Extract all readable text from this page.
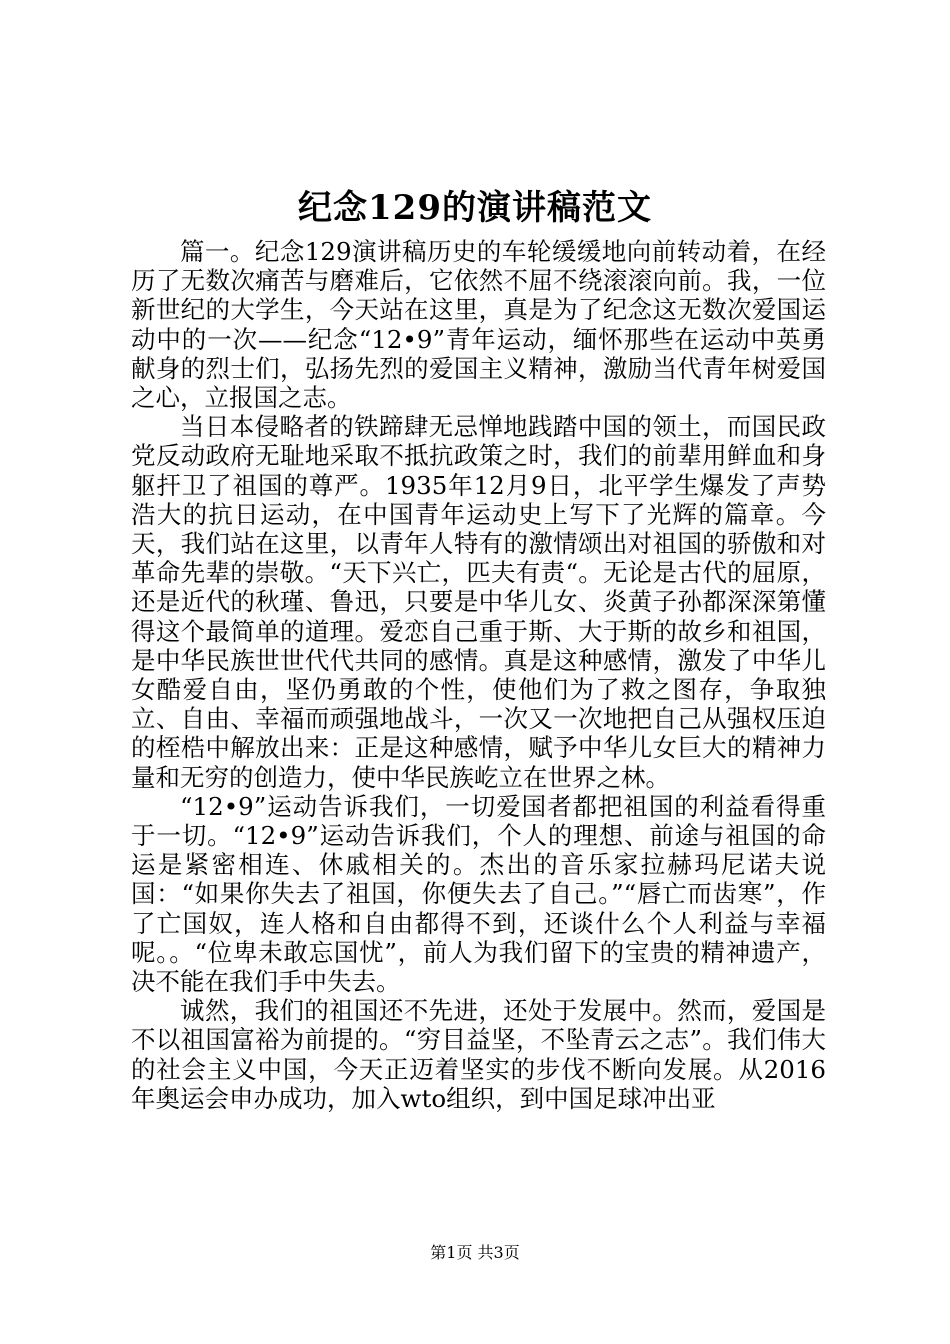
纪念129的演讲稿范文

篇一。纪念129演讲稿历史的车轮缓缓地向前转动着，在经历了无数次痛苦与磨难后，它依然不屈不绕滚滚向前。我，一位新世纪的大学生，今天站在这里，真是为了纪念这无数次爱国运动中的一次——纪念“12•9”青年运动，缅怀那些在运动中英勇献身的烈士们，弘扬先烈的爱国主义精神，激励当代青年树爱国之心，立报国之志。

当日本侵略者的铁蹄肆无忌惮地践踏中国的领土，而国民政党反动政府无耻地采取不抵抗政策之时，我们的前辈用鲜血和身躯扞卫了祖国的尊严。1935年12月9日，北平学生爆发了声势浩大的抗日运动，在中国青年运动史上写下了光辉的篇章。今天，我们站在这里，以青年人特有的激情颂出对祖国的骄傲和对革命先辈的崇敬。“天下兴亡，匹夫有责“。无论是古代的屈原，还是近代的秋瑾、鲁迅，只要是中华儿女、炎黄子孙都深深第懂得这个最简单的道理。爱恋自己重于斯、大于斯的故乡和祖国，是中华民族世世代代共同的感情。真是这种感情，激发了中华儿女酷爱自由，坚仍勇敢的个性，使他们为了救之图存，争取独立、自由、幸福而顽强地战斗，一次又一次地把自己从强权压迫的桎梏中解放出来：正是这种感情，赋予中华儿女巨大的精神力量和无穷的创造力，使中华民族屹立在世界之林。

“12•9”运动告诉我们，一切爱国者都把祖国的利益看得重于一切。“12•9”运动告诉我们，个人的理想、前途与祖国的命运是紧密相连、休戚相关的。杰出的音乐家拉赫玛尼诺夫说国：“如果你失去了祖国，你便失去了自己。”“唇亡而齿寒”，作了亡国奴，连人格和自由都得不到，还谈什么个人利益与幸福呢。。“位卑未敢忘国忧”，前人为我们留下的宝贵的精神遗产，决不能在我们手中失去。

诚然，我们的祖国还不先进，还处于发展中。然而，爱国是不以祖国富裕为前提的。“穷目益坚，不坠青云之志”。我们伟大的社会主义中国，今天正迈着坚实的步伐不断向发展。从2016年奥运会申办成功，加入wto组织，到中国足球冲出亚

第1页 共3页
